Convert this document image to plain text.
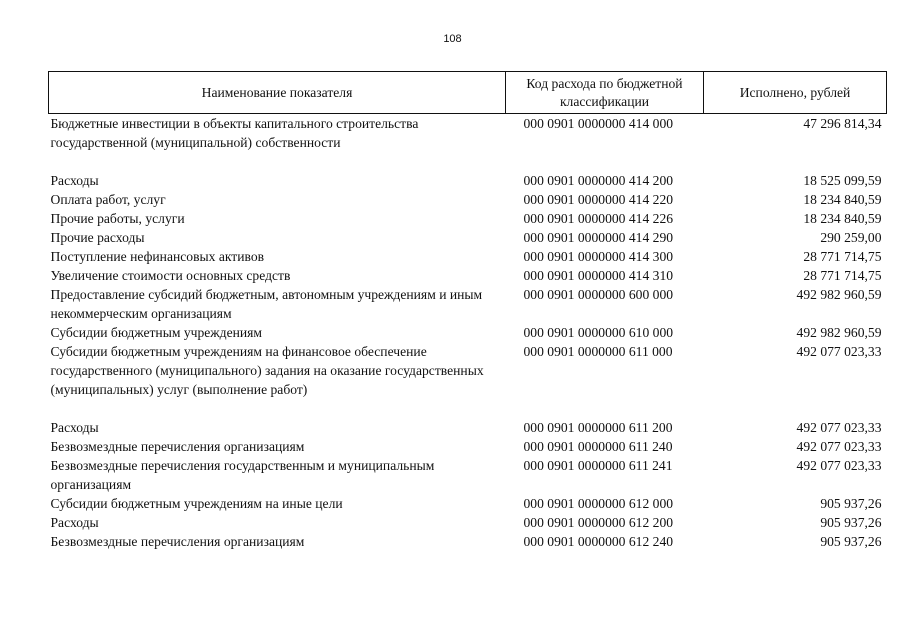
108
Наименование показателя	Код расхода по бюджетной классификации	Исполнено, рублей
Бюджетные инвестиции в объекты капитального строительства государственной (муниципальной) собственности	000 0901 0000000 414 000	47 296 814,34

Расходы	000 0901 0000000 414 200	18 525 099,59
Оплата работ, услуг	000 0901 0000000 414 220	18 234 840,59
Прочие работы, услуги	000 0901 0000000 414 226	18 234 840,59
Прочие расходы	000 0901 0000000 414 290	290 259,00
Поступление нефинансовых активов	000 0901 0000000 414 300	28 771 714,75
Увеличение стоимости основных средств	000 0901 0000000 414 310	28 771 714,75
Предоставление субсидий бюджетным, автономным учреждениям и иным некоммерческим организациям	000 0901 0000000 600 000	492 982 960,59
Субсидии бюджетным учреждениям	000 0901 0000000 610 000	492 982 960,59
Субсидии бюджетным учреждениям на финансовое обеспечение государственного (муниципального) задания на оказание государственных (муниципальных) услуг (выполнение работ)	000 0901 0000000 611 000	492 077 023,33

Расходы	000 0901 0000000 611 200	492 077 023,33
Безвозмездные перечисления организациям	000 0901 0000000 611 240	492 077 023,33
Безвозмездные перечисления государственным и муниципальным организациям	000 0901 0000000 611 241	492 077 023,33
Субсидии бюджетным учреждениям на иные цели	000 0901 0000000 612 000	905 937,26
Расходы	000 0901 0000000 612 200	905 937,26
Безвозмездные перечисления организациям	000 0901 0000000 612 240	905 937,26
